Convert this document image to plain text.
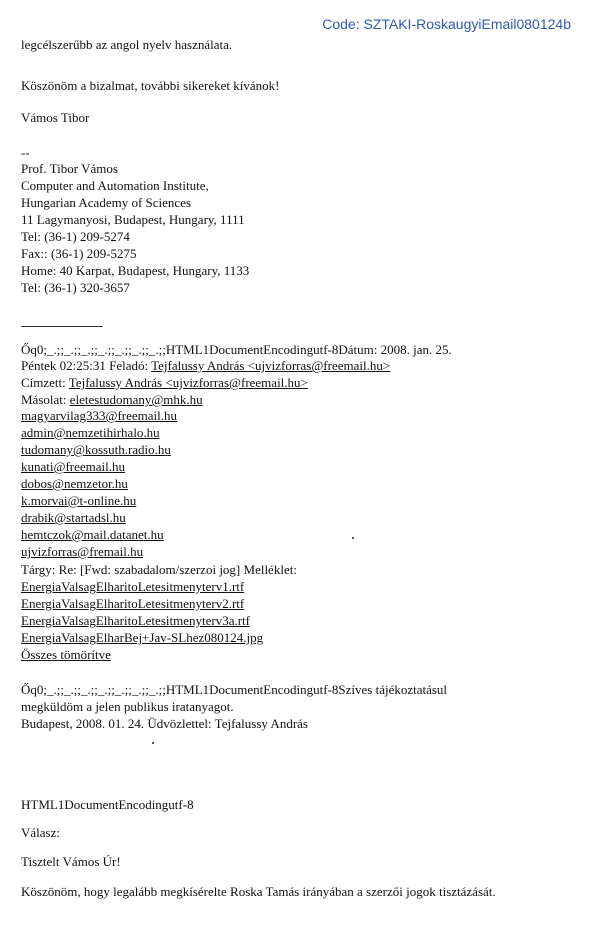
Code: SZTAKI-RoskaugyiEmail080124b
legcélszerűbb az angol nyelv használata.
Köszönöm a bizalmat, további sikereket kívánok!
Vámos Tibor
--
Prof. Tibor Vámos
Computer and Automation Institute,
Hungarian Academy of Sciences
11 Lagymanyosi, Budapest, Hungary, 1111
Tel: (36-1) 209-5274
Fax:: (36-1) 209-5275
Home: 40 Karpat, Budapest, Hungary, 1133
Tel: (36-1) 320-3657
Őq0;_.;;_.;;_.;;_.;;_.;;_.;;_.;;HTML1DocumentEncodingutf-8Dátum: 2008. jan. 25.
Péntek 02:25:31 Feladó: Tejfalussy András <ujvizforras@freemail.hu>
Címzett: Tejfalussy András <ujvizforras@freemail.hu>
Másolat: eletestudomany@mhk.hu
magyarvilag333@freemail.hu
admin@nemzetihirhalo.hu
tudomany@kossuth.radio.hu
kunati@freemail.hu
dobos@nemzetor.hu
k.morvai@t-online.hu
drabik@startadsl.hu
hemtczok@mail.datanet.hu
ujvizforras@fremail.hu
Tárgy: Re: [Fwd: szabadalom/szerzoi jog] Melléklet:
EnergiaValsagElharitoLetesitmenyterv1.rtf
EnergiaValsagElharitoLetesitmenyterv2.rtf
EnergiaValsagElharitoLetesitmenyterv3a.rtf
EnergiaValsagElharBej+Jav-SLhez080124.jpg
Összes tömörítve
Őq0;_.;;_.;;_.;;_.;;_.;;_.;;_.;;HTML1DocumentEncodingutf-8Szíves tájékoztatásul
megküldöm a jelen publikus iratanyagot.
Budapest, 2008. 01. 24. Üdvözlettel: Tejfalussy András
HTML1DocumentEncodingutf-8
Válasz:
Tisztelt Vámos Úr!
Köszönöm, hogy legalább megkísérelte Roska Tamás irányában a szerzői jogok tisztázását.
